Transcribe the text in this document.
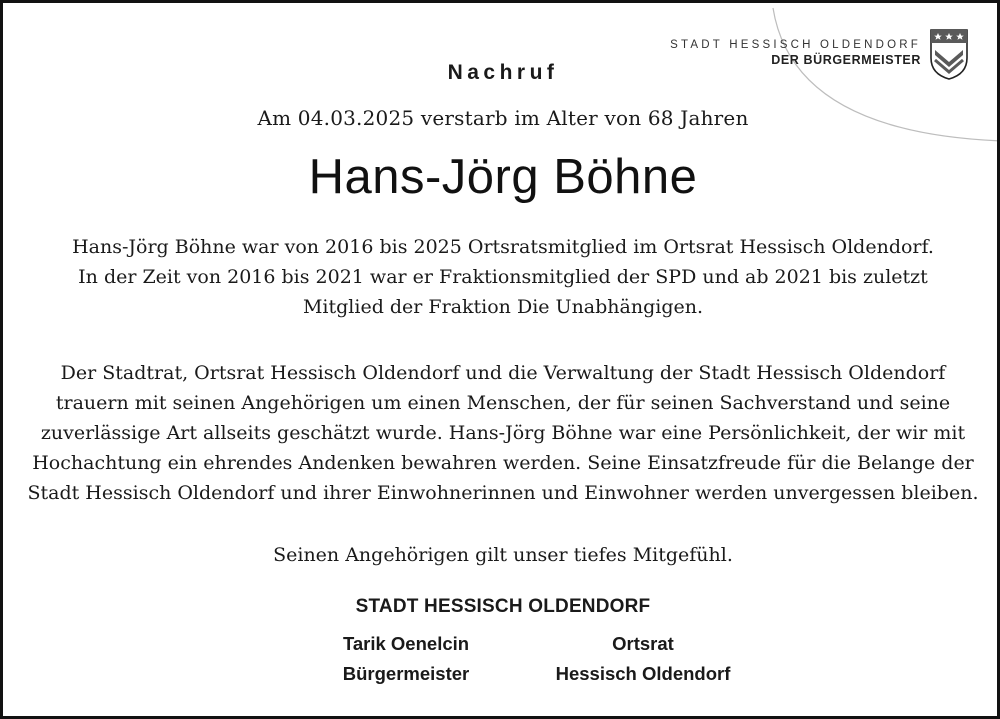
STADT HESSISCH OLDENDORF
DER BÜRGERMEISTER
Nachruf
Am 04.03.2025 verstarb im Alter von 68 Jahren
Hans-Jörg Böhne

Hans-Jörg Böhne war von 2016 bis 2025 Ortsratsmitglied im Ortsrat Hessisch Oldendorf.
In der Zeit von 2016 bis 2021 war er Fraktionsmitglied der SPD und ab 2021 bis zuletzt
Mitglied der Fraktion Die Unabhängigen.

Der Stadtrat, Ortsrat Hessisch Oldendorf und die Verwaltung der Stadt Hessisch Oldendorf
trauern mit seinen Angehörigen um einen Menschen, der für seinen Sachverstand und seine
zuverlässige Art allseits geschätzt wurde. Hans-Jörg Böhne war eine Persönlichkeit, der wir mit
Hochachtung ein ehrendes Andenken bewahren werden. Seine Einsatzfreude für die Belange der
Stadt Hessisch Oldendorf und ihrer Einwohnerinnen und Einwohner werden unvergessen bleiben.

Seinen Angehörigen gilt unser tiefes Mitgefühl.

STADT HESSISCH OLDENDORF
Tarik Oenelcin
Bürgermeister
Ortsrat
Hessisch Oldendorf
